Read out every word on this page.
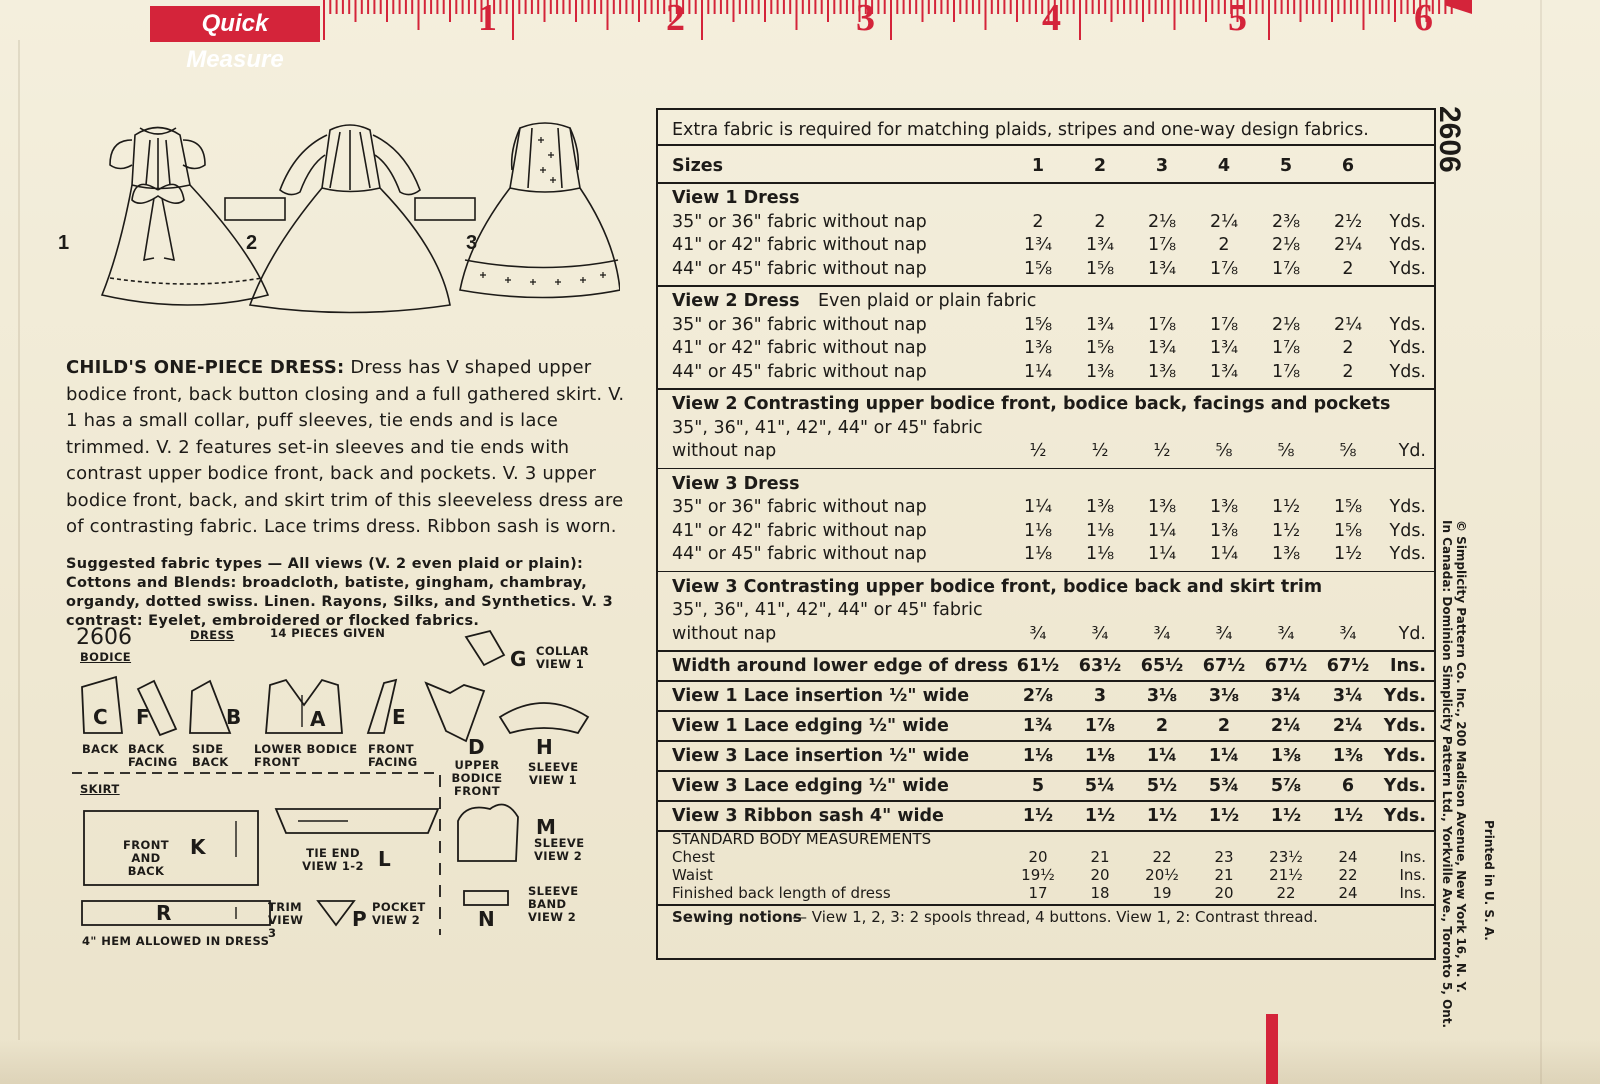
Quick Measure
1	2	3	4	5	6
1	2	3
CHILD'S ONE-PIECE DRESS: Dress has V shaped upper bodice front, back button closing and a full gathered skirt. V. 1 has a small collar, puff sleeves, tie ends and is lace trimmed. V. 2 features set-in sleeves and tie ends with contrast upper bodice front, back and pockets. V. 3 upper bodice front, back, and skirt trim of this sleeveless dress are of contrasting fabric. Lace trims dress. Ribbon sash is worn.
Suggested fabric types — All views (V. 2 even plaid or plain): Cottons and Blends: broadcloth, batiste, gingham, chambray, organdy, dotted swiss. Linen. Rayons, Silks, and Synthetics. V. 3 contrast: Eyelet, embroidered or flocked fabrics.
2606
BODICE
DRESS	14 PIECES GIVEN
C
BACK
F
BACK FACING
B
SIDE BACK
A
LOWER BODICE FRONT
E
FRONT FACING
D
UPPER BODICE FRONT
H
SLEEVE VIEW 1
G COLLAR VIEW 1
SKIRT
K
FRONT AND BACK	L
TIE END VIEW 1-2
M
SLEEVE VIEW 2
R	TRIM VIEW 3
P POCKET VIEW 2	N
SLEEVE BAND VIEW 2
4" HEM ALLOWED IN DRESS
Extra fabric is required for matching plaids, stripes and one-way design fabrics.
Sizes	1	2	3	4	5	6
View 1 Dress
35" or 36" fabric without nap	2	2	2⅛	2¼	2⅜	2½	Yds.
41" or 42" fabric without nap	1¾	1¾	1⅞	2	2⅛	2¼	Yds.
44" or 45" fabric without nap	1⅝	1⅝	1¾	1⅞	1⅞	2	Yds.
View 2 Dress Even plaid or plain fabric
35" or 36" fabric without nap	1⅝	1¾	1⅞	1⅞	2⅛	2¼	Yds.
41" or 42" fabric without nap	1⅜	1⅝	1¾	1¾	1⅞	2	Yds.
44" or 45" fabric without nap	1¼	1⅜	1⅜	1¾	1⅞	2	Yds.
View 2 Contrasting upper bodice front, bodice back, facings and pockets
35", 36", 41", 42", 44" or 45" fabric
without nap	½	½	½	⅝	⅝	⅝	Yd.
View 3 Dress
35" or 36" fabric without nap	1¼	1⅜	1⅜	1⅜	1½	1⅝	Yds.
41" or 42" fabric without nap	1⅛	1⅛	1¼	1⅜	1½	1⅝	Yds.
44" or 45" fabric without nap	1⅛	1⅛	1¼	1¼	1⅜	1½	Yds.
View 3 Contrasting upper bodice front, bodice back and skirt trim
35", 36", 41", 42", 44" or 45" fabric
without nap	¾	¾	¾	¾	¾	¾	Yd.
Width around lower edge of dress 61½	63½	65½	67½	67½	67½	Ins.
View 1 Lace insertion ½" wide	2⅞	3	3⅛	3⅛	3¼	3¼	Yds.
View 1 Lace edging ½" wide	1¾	1⅞	2	2	2¼	2¼	Yds.
View 3 Lace insertion ½" wide	1⅛	1⅛	1¼	1¼	1⅜	1⅜	Yds.
View 3 Lace edging ½" wide	5	5¼	5½	5¾	5⅞	6	Yds.
View 3 Ribbon sash 4" wide	1½	1½	1½	1½	1½	1½	Yds.
STANDARD BODY MEASUREMENTS
Chest	20	21	22	23	23½	24	Ins.
Waist	19½	20	20½	21	21½	22	Ins.
Finished back length of dress	17	18	19	20	22	24	Ins.
Sewing notions
— View 1, 2, 3: 2 spools thread, 4 buttons. View 1, 2: Contrast thread.
2606
© Simplicity Pattern Co. Inc., 200 Madison Avenue, New York 16, N. Y.
In Canada: Dominion Simplicity Pattern Ltd., Yorkville Ave., Toronto 5, Ont. Printed in U. S. A.
